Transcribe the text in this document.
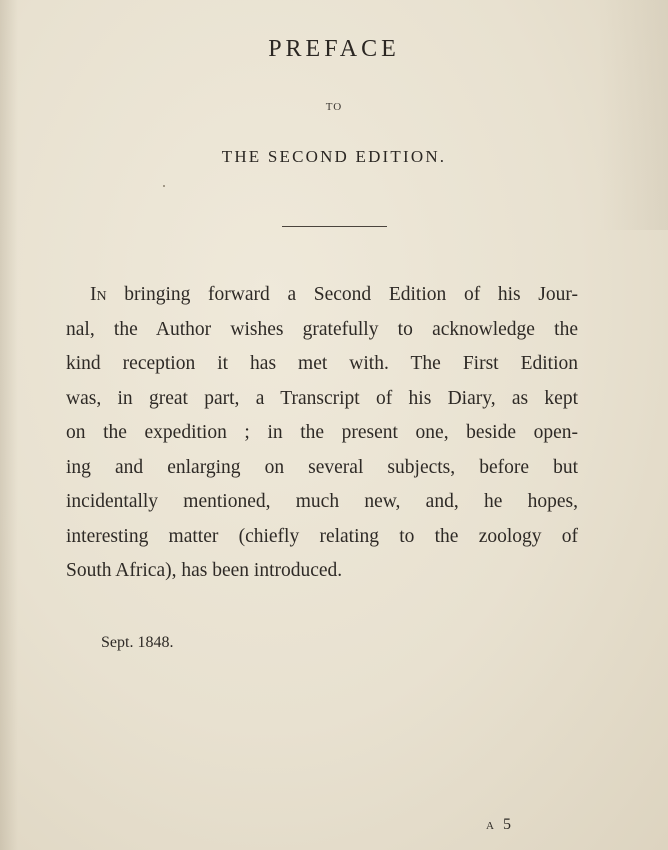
PREFACE
TO
THE SECOND EDITION.
In bringing forward a Second Edition of his Jour-
nal, the Author wishes gratefully to acknowledge the
kind reception it has met with. The First Edition
was, in great part, a Transcript of his Diary, as kept
on the expedition ; in the present one, beside open-
ing and enlarging on several subjects, before but
incidentally mentioned, much new, and, he hopes,
interesting matter (chiefly relating to the zoology of
South Africa), has been introduced.
Sept. 1848.
A 5
